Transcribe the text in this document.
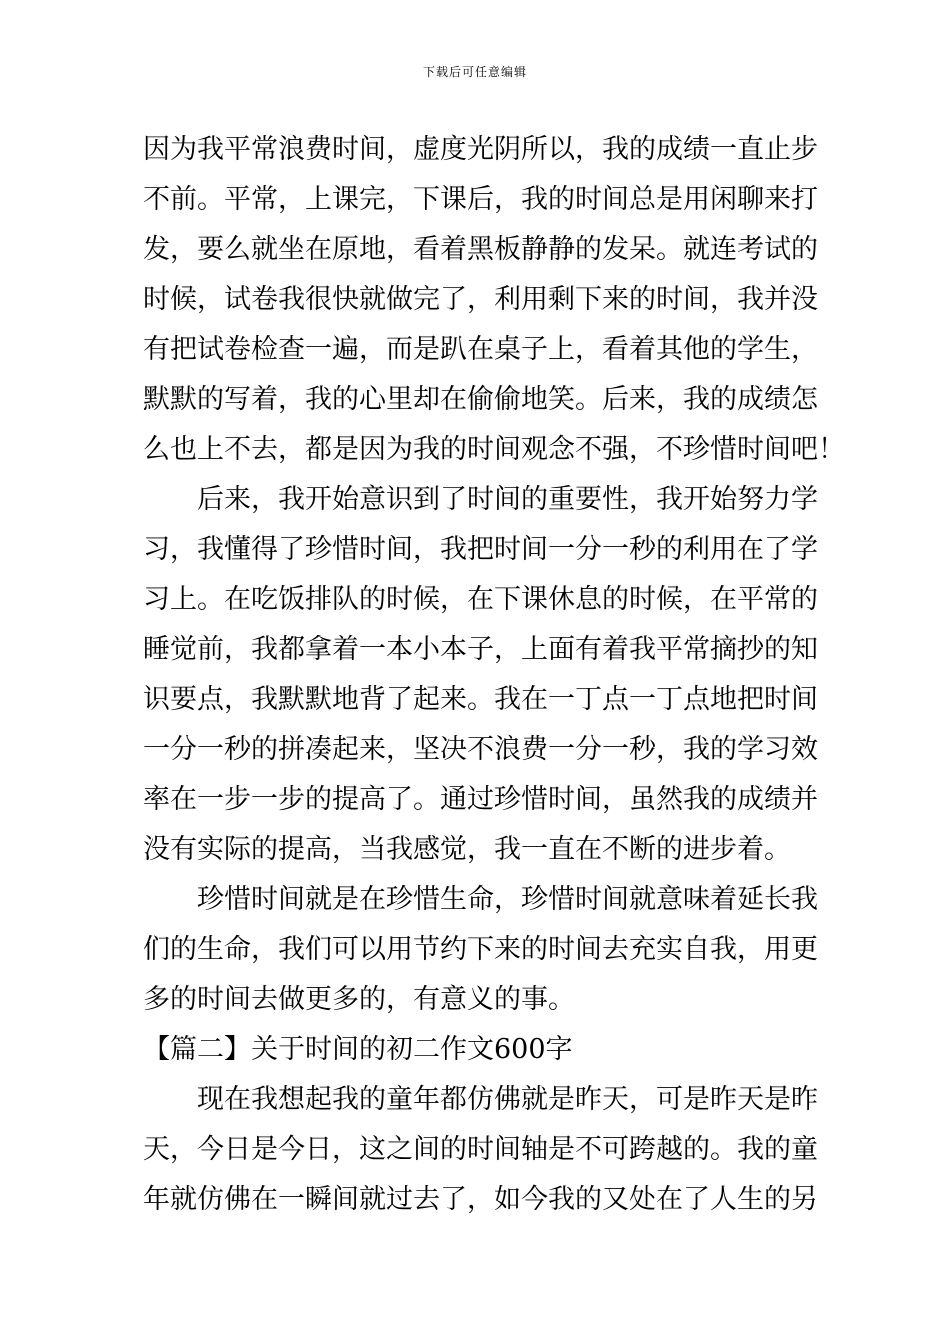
下载后可任意编辑
因为我平常浪费时间，虚度光阴所以，我的成绩一直止步
不前。平常，上课完，下课后，我的时间总是用闲聊来打
发，要么就坐在原地，看着黑板静静的发呆。就连考试的
时候，试卷我很快就做完了，利用剩下来的时间，我并没
有把试卷检查一遍，而是趴在桌子上，看着其他的学生，
默默的写着，我的心里却在偷偷地笑。后来，我的成绩怎
么也上不去，都是因为我的时间观念不强，不珍惜时间吧！
　　后来，我开始意识到了时间的重要性，我开始努力学
习，我懂得了珍惜时间，我把时间一分一秒的利用在了学
习上。在吃饭排队的时候，在下课休息的时候，在平常的
睡觉前，我都拿着一本小本子，上面有着我平常摘抄的知
识要点，我默默地背了起来。我在一丁点一丁点地把时间
一分一秒的拼凑起来，坚决不浪费一分一秒，我的学习效
率在一步一步的提高了。通过珍惜时间，虽然我的成绩并
没有实际的提高，当我感觉，我一直在不断的进步着。
　　珍惜时间就是在珍惜生命，珍惜时间就意味着延长我
们的生命，我们可以用节约下来的时间去充实自我，用更
多的时间去做更多的，有意义的事。
【篇二】关于时间的初二作文600字
　　现在我想起我的童年都仿佛就是昨天，可是昨天是昨
天，今日是今日，这之间的时间轴是不可跨越的。我的童
年就仿佛在一瞬间就过去了，如今我的又处在了人生的另
